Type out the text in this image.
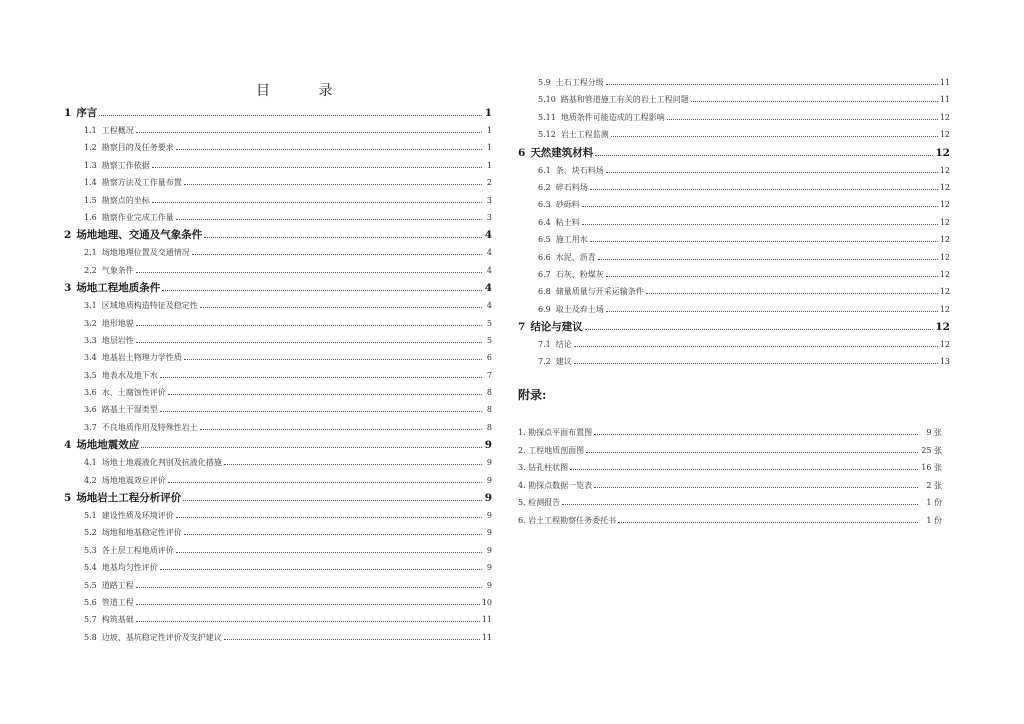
目 录
1 序言	1
1.1 工程概况	1
1.2 勘察目的及任务要求	1
1.3 勘察工作依据	1
1.4 勘察方法及工作量布置	2
1.5 勘察点的坐标	3
1.6 勘察作业完成工作量	3
2 场地地理、交通及气象条件	4
2.1 场地地理位置及交通情况	4
2.2 气象条件	4
3 场地工程地质条件	4
3.1 区域地质构造特征及稳定性	4
3.2 地形地貌	5
3.3 地层岩性	5
3.4 地基岩土物理力学性质	6
3.5 地表水及地下水	7
3.6 水、土腐蚀性评价	8
3.6 路基土干湿类型	8
3.7 不良地质作用及特殊性岩土	8
4 场地地震效应	9
4.1 场地土地震液化判别及抗液化措施	9
4.2 场地地震效应评价	9
5 场地岩土工程分析评价	9
5.1 建设性质及环境评价	9
5.2 场地和地基稳定性评价	9
5.3 各土层工程地质评价	9
5.4 地基均匀性评价	9
5.5 道路工程	9
5.6 管道工程	10
5.7 构筑基础	11
5.8 边坡、基坑稳定性评价及支护建议	11
5.9 土石工程分级	11
5.10 路基和管道施工有关的岩土工程问题	11
5.11 地质条件可能造成的工程影响	12
5.12 岩土工程监测	12
6 天然建筑材料	12
6.1 条、块石料场	12
6.2 碎石料场	12
6.3 砂砾料	12
6.4 粘土料	12
6.5 施工用水	12
6.6 水泥、沥青	12
6.7 石灰、粉煤灰	12
6.8 储量质量与开采运输条件	12
6.9 取土及弃土场	12
7 结论与建议	12
7.1 结论	12
7.2 建议	13
附录:
1. 勘探点平面布置图	9 张
2. 工程地质剖面图	25 张
3. 钻孔柱状图	16 张
4. 勘探点数据一览表	2 张
5. 检测报告	1 份
6. 岩土工程勘察任务委托书	1 份
